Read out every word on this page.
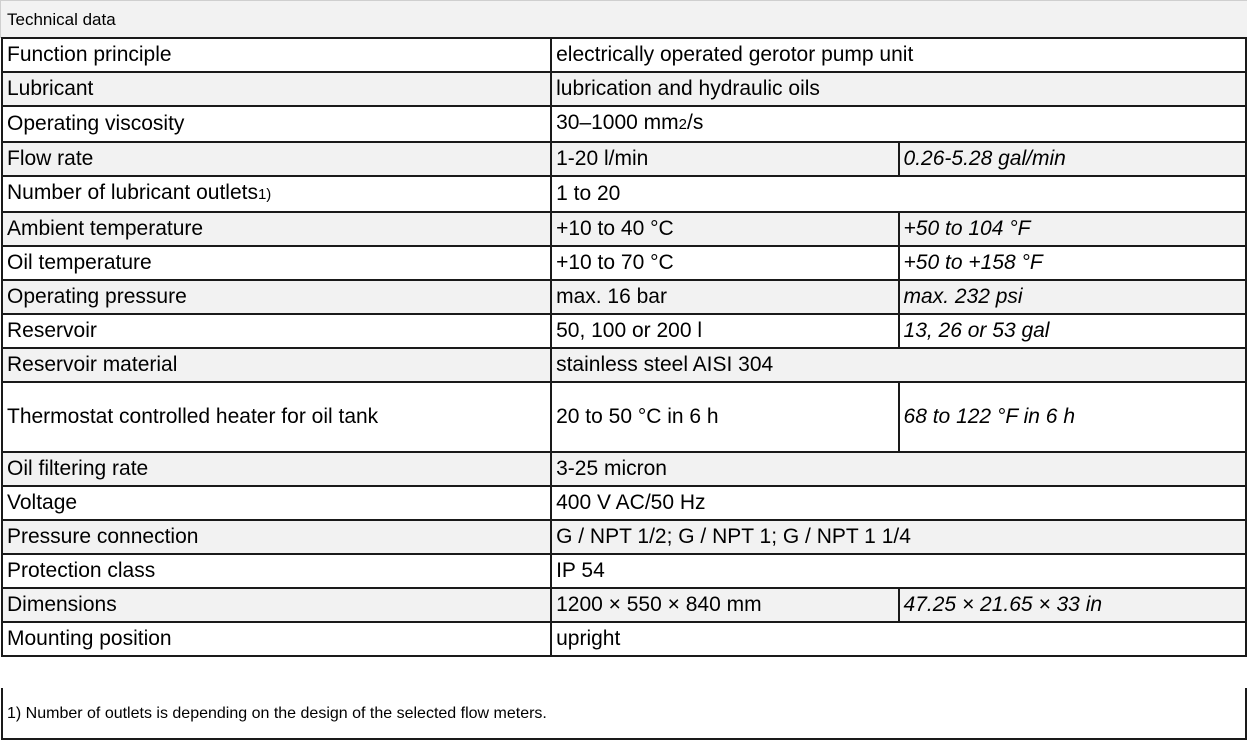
Technical data
Function principle	electrically operated gerotor pump unit	
Lubricant	lubrication and hydraulic oils	
Operating viscosity	30–1000 mm2/s	
Flow rate	1-20 l/min	0.26-5.28 gal/min
Number of lubricant outlets1)	1 to 20	
Ambient temperature	+10 to 40 °C	+50 to 104 °F
Oil temperature	+10 to 70 °C	+50 to +158 °F
Operating pressure	max. 16 bar	max. 232 psi
Reservoir	50, 100 or 200 l	13, 26 or 53 gal
Reservoir material	stainless steel AISI 304	
Thermostat controlled heater for oil tank	20 to 50 °C in 6 h	68 to 122 °F in 6 h
Oil filtering rate	3-25 micron	
Voltage	400 V AC/50 Hz	
Pressure connection	G / NPT 1/2; G / NPT 1; G / NPT 1 1/4	
Protection class	IP 54	
Dimensions	1200 × 550 × 840 mm	47.25 × 21.65 × 33 in
Mounting position	upright	
1) Number of outlets is depending on the design of the selected flow meters.
